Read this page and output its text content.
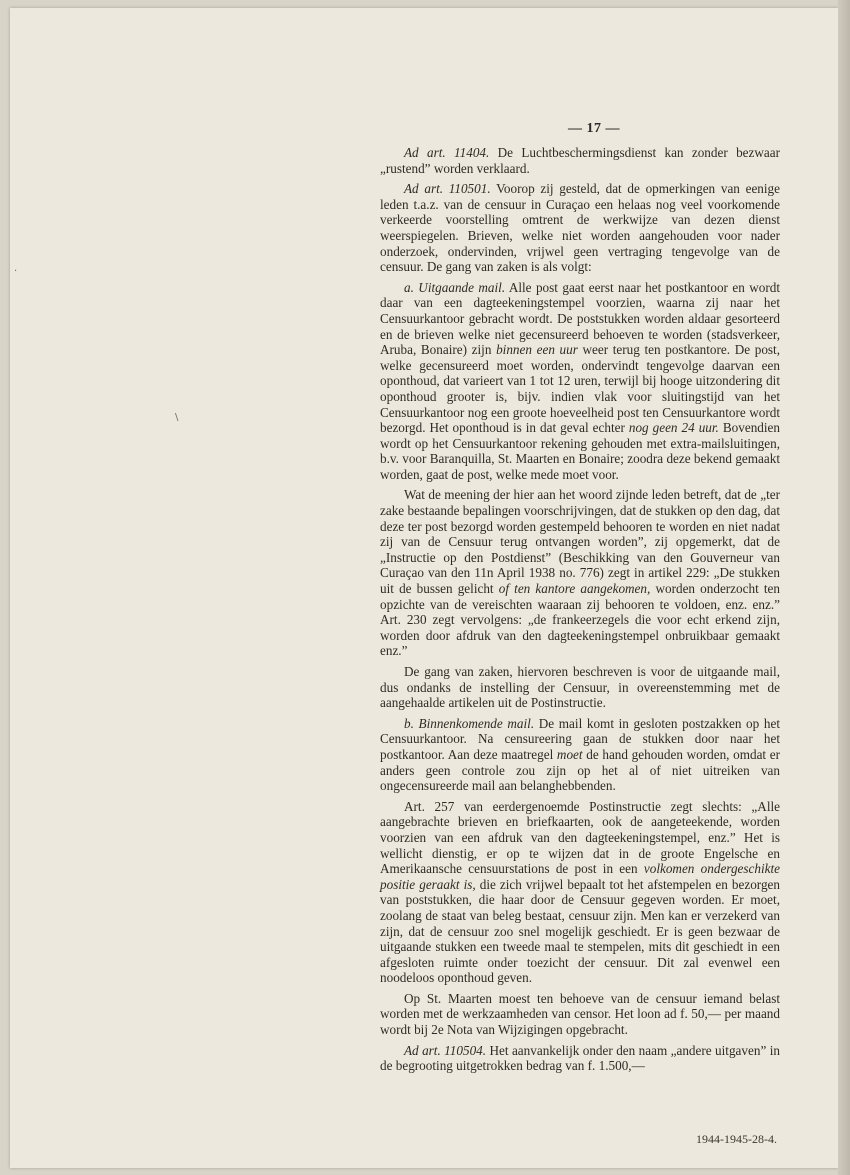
— 17 —

Ad art. 11404. De Luchtbeschermingsdienst kan zonder bezwaar „rustend” worden verklaard.

Ad art. 110501. Voorop zij gesteld, dat de opmerkingen van eenige leden t.a.z. van de censuur in Curaçao een helaas nog veel voorkomende verkeerde voorstelling omtrent de werkwijze van dezen dienst weerspiegelen. Brieven, welke niet worden aangehouden voor nader onderzoek, ondervinden, vrijwel geen vertraging tengevolge van de censuur. De gang van zaken is als volgt:

a. Uitgaande mail. Alle post gaat eerst naar het postkantoor en wordt daar van een dagteekeningstempel voorzien, waarna zij naar het Censuurkantoor gebracht wordt. De poststukken worden aldaar gesorteerd en de brieven welke niet gecensureerd behoeven te worden (stadsverkeer, Aruba, Bonaire) zijn binnen een uur weer terug ten postkantore. De post, welke gecensureerd moet worden, ondervindt tengevolge daarvan een oponthoud, dat varieert van 1 tot 12 uren, terwijl bij hooge uitzondering dit oponthoud grooter is, bijv. indien vlak voor sluitingstijd van het Censuurkantoor nog een groote hoeveelheid post ten Censuurkantore wordt bezorgd. Het oponthoud is in dat geval echter nog geen 24 uur. Bovendien wordt op het Censuurkantoor rekening gehouden met extra-mailsluitingen, b.v. voor Baranquilla, St. Maarten en Bonaire; zoodra deze bekend gemaakt worden, gaat de post, welke mede moet voor.

Wat de meening der hier aan het woord zijnde leden betreft, dat de „ter zake bestaande bepalingen voorschrijvingen, dat de stukken op den dag, dat deze ter post bezorgd worden gestempeld behooren te worden en niet nadat zij van de Censuur terug ontvangen worden”, zij opgemerkt, dat de „Instructie op den Postdienst” (Beschikking van den Gouverneur van Curaçao van den 11n April 1938 no. 776) zegt in artikel 229: „De stukken uit de bussen gelicht of ten kantore aangekomen, worden onderzocht ten opzichte van de vereischten waaraan zij behooren te voldoen, enz. enz.” Art. 230 zegt vervolgens: „de frankeerzegels die voor echt erkend zijn, worden door afdruk van den dagteekeningstempel onbruikbaar gemaakt enz.”

De gang van zaken, hiervoren beschreven is voor de uitgaande mail, dus ondanks de instelling der Censuur, in overeenstemming met de aangehaalde artikelen uit de Postinstructie.

b. Binnenkomende mail. De mail komt in gesloten postzakken op het Censuurkantoor. Na censureering gaan de stukken door naar het postkantoor. Aan deze maatregel moet de hand gehouden worden, omdat er anders geen controle zou zijn op het al of niet uitreiken van ongecensureerde mail aan belanghebbenden.

Art. 257 van eerdergenoemde Postinstructie zegt slechts: „Alle aangebrachte brieven en briefkaarten, ook de aangeteekende, worden voorzien van een afdruk van den dagteekeningstempel, enz.” Het is wellicht dienstig, er op te wijzen dat in de groote Engelsche en Amerikaansche censuurstations de post in een volkomen ondergeschikte positie geraakt is, die zich vrijwel bepaalt tot het afstempelen en bezorgen van poststukken, die haar door de Censuur gegeven worden. Er moet, zoolang de staat van beleg bestaat, censuur zijn. Men kan er verzekerd van zijn, dat de censuur zoo snel mogelijk geschiedt. Er is geen bezwaar de uitgaande stukken een tweede maal te stempelen, mits dit geschiedt in een afgesloten ruimte onder toezicht der censuur. Dit zal evenwel een noodeloos oponthoud geven.

Op St. Maarten moest ten behoeve van de censuur iemand belast worden met de werkzaamheden van censor. Het loon ad f. 50,— per maand wordt bij 2e Nota van Wijzigingen opgebracht.

Ad art. 110504. Het aanvankelijk onder den naam „andere uitgaven” in de begrooting uitgetrokken bedrag van f. 1.500,—

1944-1945-28-4.
·
\
